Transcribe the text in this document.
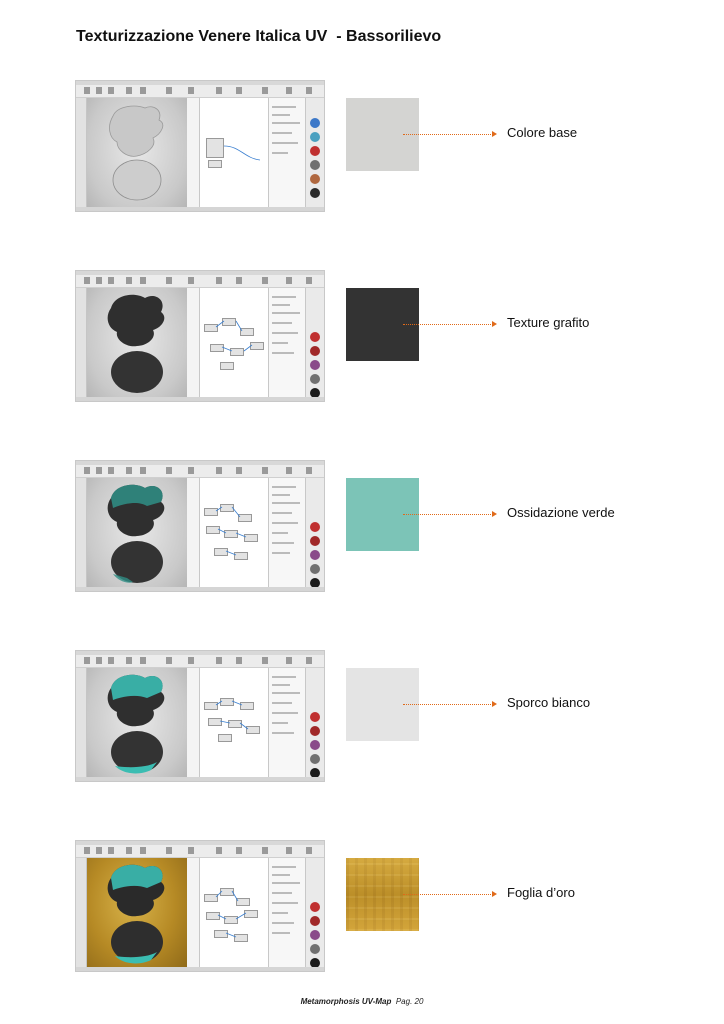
Texturizzazione Venere Italica UV  - Bassorilievo
Colore base
Texture grafito
Ossidazione verde
Sporco bianco
Foglia d’oro
Metamorphosis UV-Map Pag. 20
